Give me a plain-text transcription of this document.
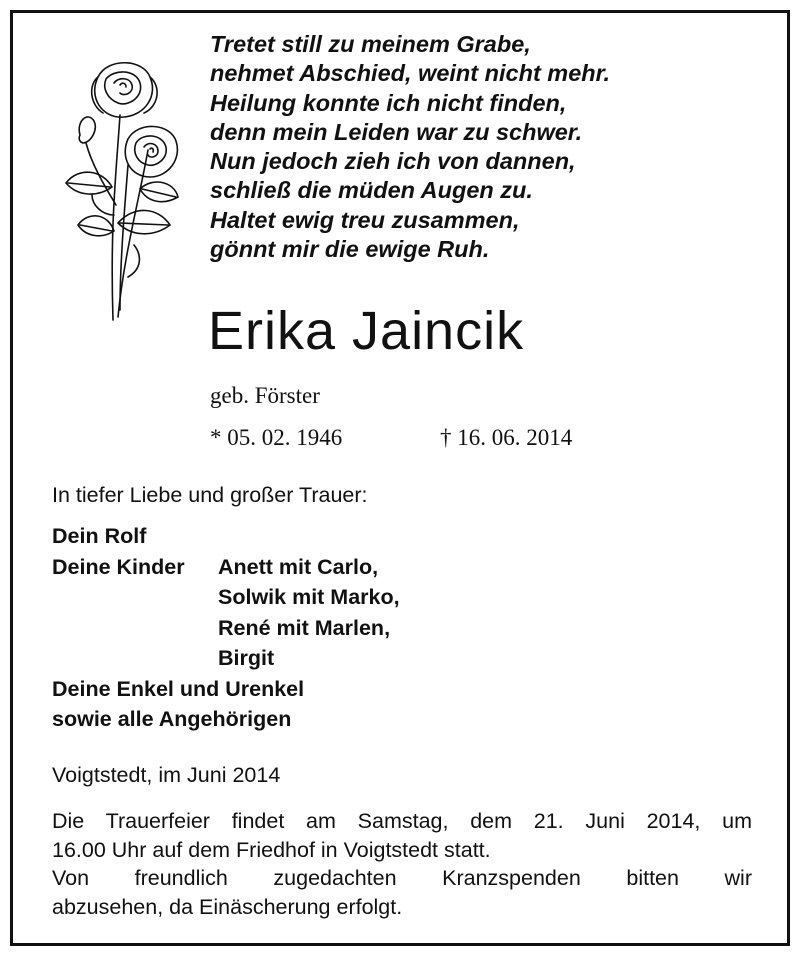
Tretet still zu meinem Grabe,
nehmet Abschied, weint nicht mehr.
Heilung konnte ich nicht finden,
denn mein Leiden war zu schwer.
Nun jedoch zieh ich von dannen,
schließ die müden Augen zu.
Haltet ewig treu zusammen,
gönnt mir die ewige Ruh.
Erika Jaincik
geb. Förster
* 05. 02. 1946	† 16. 06. 2014
In tiefer Liebe und großer Trauer:
Dein Rolf
Deine Kinder Anett mit Carlo,
Solwik mit Marko,
René mit Marlen,
Birgit
Deine Enkel und Urenkel
sowie alle Angehörigen
Voigtstedt, im Juni 2014

Die Trauerfeier findet am Samstag, dem 21. Juni 2014, um

16.00 Uhr auf dem Friedhof in Voigtstedt statt.

Von freundlich zugedachten Kranzspenden bitten wir

abzusehen, da Einäscherung erfolgt.
